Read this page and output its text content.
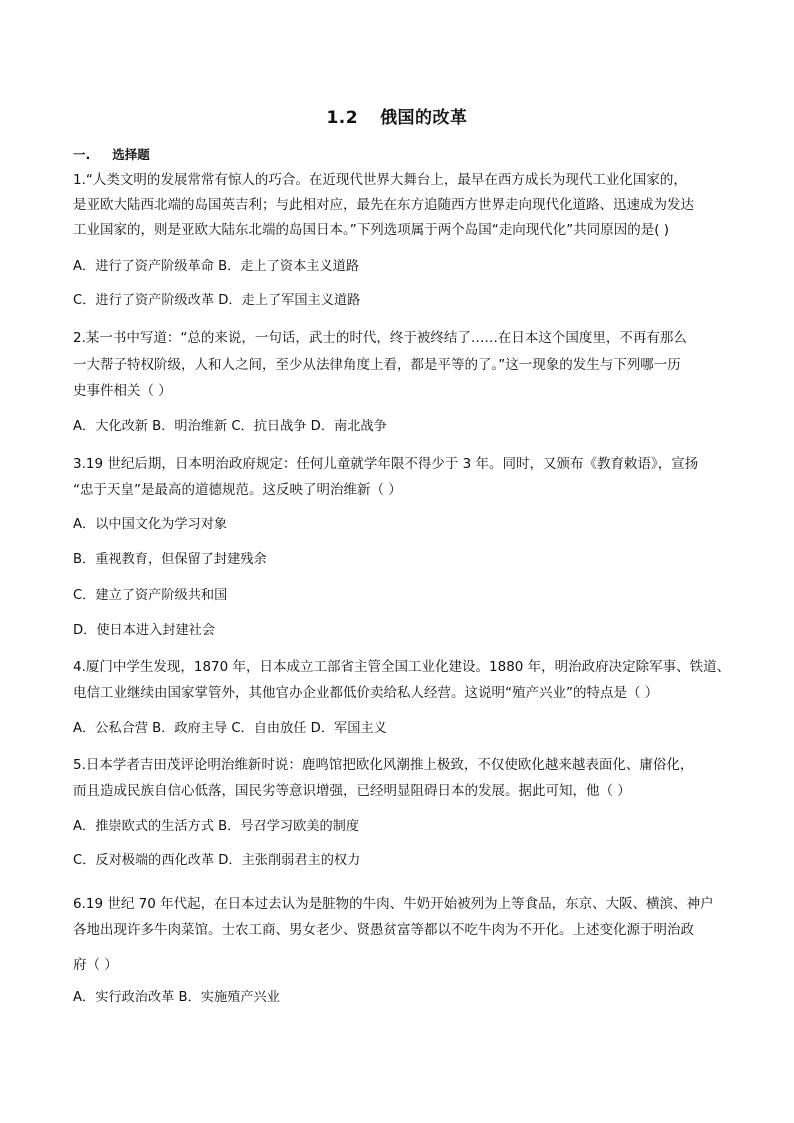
1.2 俄国的改革
一. 选择题
1.“人类文明的发展常常有惊人的巧合。在近现代世界大舞台上，最早在西方成长为现代工业化国家的，
是亚欧大陆西北端的岛国英吉利；与此相对应，最先在东方追随西方世界走向现代化道路、迅速成为发达
工业国家的，则是亚欧大陆东北端的岛国日本。”下列选项属于两个岛国“走向现代化”共同原因的是( )
A．进行了资产阶级革命 B．走上了资本主义道路
C．进行了资产阶级改革 D．走上了军国主义道路
2.某一书中写道：“总的来说，一句话，武士的时代，终于被终结了……在日本这个国度里，不再有那么
一大帮子特权阶级，人和人之间，至少从法律角度上看，都是平等的了。”这一现象的发生与下列哪一历
史事件相关（ ）
A．大化改新 B．明治维新 C．抗日战争 D．南北战争
3.19 世纪后期，日本明治政府规定：任何儿童就学年限不得少于 3 年。同时，又颁布《教育敕语》，宣扬
“忠于天皇”是最高的道德规范。这反映了明治维新（ ）
A．以中国文化为学习对象
B．重视教育，但保留了封建残余
C．建立了资产阶级共和国
D．使日本进入封建社会
4.厦门中学生发现，1870 年，日本成立工部省主管全国工业化建设。1880 年，明治政府决定除军事、铁道、
电信工业继续由国家掌管外，其他官办企业都低价卖给私人经营。这说明“殖产兴业”的特点是（ ）
A．公私合营 B．政府主导 C．自由放任 D．军国主义
5.日本学者吉田茂评论明治维新时说：鹿鸣馆把欧化风潮推上极致，不仅使欧化越来越表面化、庸俗化，
而且造成民族自信心低落，国民劣等意识增强，已经明显阻碍日本的发展。据此可知，他（ ）
A．推崇欧式的生活方式 B．号召学习欧美的制度
C．反对极端的西化改革 D．主张削弱君主的权力
6.19 世纪 70 年代起，在日本过去认为是脏物的牛肉、牛奶开始被列为上等食品，东京、大阪、横滨、神户
各地出现许多牛肉菜馆。士农工商、男女老少、贤愚贫富等都以不吃牛肉为不开化。上述变化源于明治政
府（ ）
A．实行政治改革 B．实施殖产兴业
